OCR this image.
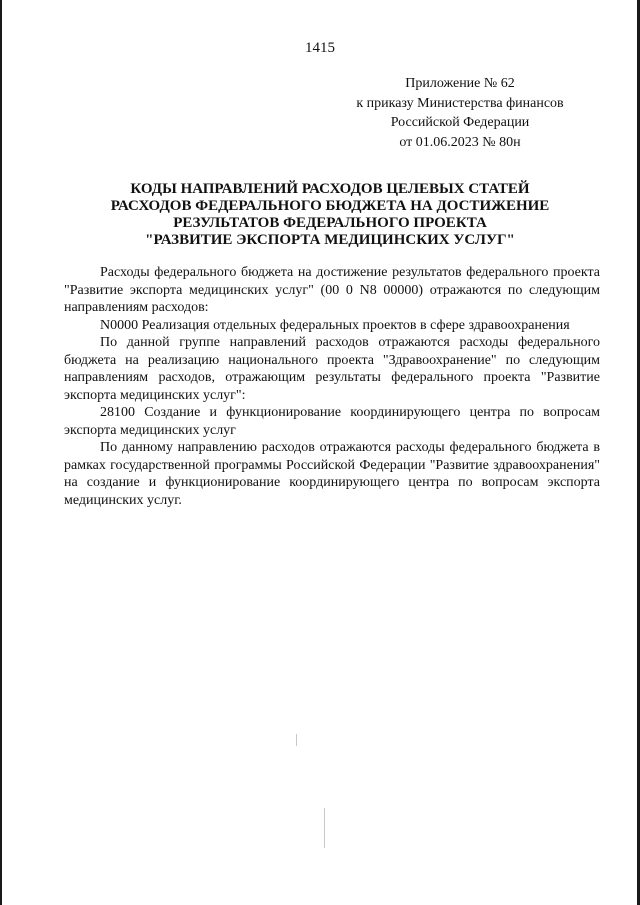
1415
Приложение № 62
к приказу Министерства финансов
Российской Федерации
от 01.06.2023 № 80н
КОДЫ НАПРАВЛЕНИЙ РАСХОДОВ ЦЕЛЕВЫХ СТАТЕЙ
РАСХОДОВ ФЕДЕРАЛЬНОГО БЮДЖЕТА НА ДОСТИЖЕНИЕ
РЕЗУЛЬТАТОВ ФЕДЕРАЛЬНОГО ПРОЕКТА
"РАЗВИТИЕ ЭКСПОРТА МЕДИЦИНСКИХ УСЛУГ"

Расходы федерального бюджета на достижение результатов федерального проекта "Развитие экспорта медицинских услуг" (00 0 N8 00000) отражаются по следующим направлениям расходов:

N0000 Реализация отдельных федеральных проектов в сфере здравоохранения

По данной группе направлений расходов отражаются расходы федерального бюджета на реализацию национального проекта "Здравоохранение" по следующим направлениям расходов, отражающим результаты федерального проекта "Развитие экспорта медицинских услуг":

28100 Создание и функционирование координирующего центра по вопросам экспорта медицинских услуг

По данному направлению расходов отражаются расходы федерального бюджета в рамках государственной программы Российской Федерации "Развитие здравоохранения" на создание и функционирование координирующего центра по вопросам экспорта медицинских услуг.
